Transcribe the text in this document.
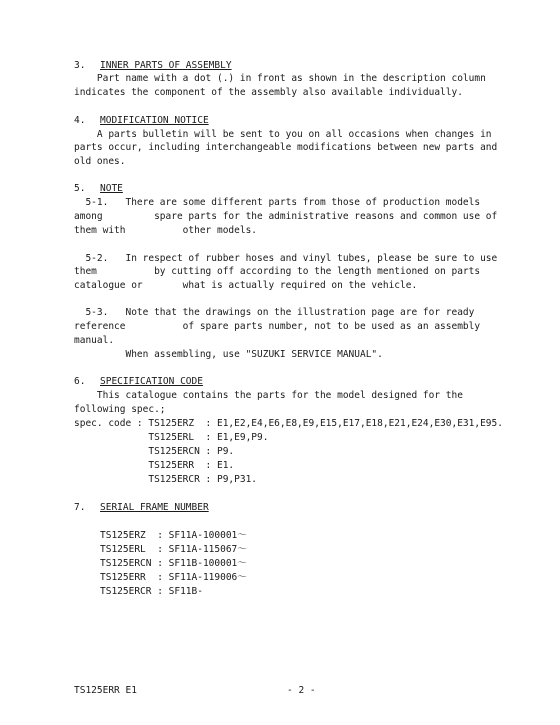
3. INNER PARTS OF ASSEMBLY
Part name with a dot (.) in front as shown in the description column
indicates the component of the assembly also available individually.
4. MODIFICATION NOTICE
A parts bulletin will be sent to you on all occasions when changes in
parts occur, including interchangeable modifications between new parts and
old ones.
5. NOTE
5-1.   There are some different parts from those of production models
among         spare parts for the administrative reasons and common use of
them with          other models.
5-2.   In respect of rubber hoses and vinyl tubes, please be sure to use
them          by cutting off according to the length mentioned on parts
catalogue or       what is actually required on the vehicle.
5-3.   Note that the drawings on the illustration page are for ready
reference          of spare parts number, not to be used as an assembly
manual.
When assembling, use "SUZUKI SERVICE MANUAL".
6. SPECIFICATION CODE
This catalogue contains the parts for the model designed for the
following spec.;
spec. code : TS125ERZ  : E1,E2,E4,E6,E8,E9,E15,E17,E18,E21,E24,E30,E31,E95.
TS125ERL  : E1,E9,P9.
TS125ERCN : P9.
TS125ERR  : E1.
TS125ERCR : P9,P31.
7. SERIAL FRAME NUMBER
TS125ERZ  : SF11A-100001～
TS125ERL  : SF11A-115067～
TS125ERCN : SF11B-100001～
TS125ERR  : SF11A-119006～
TS125ERCR : SF11B-
TS125ERR E1	- 2 -
